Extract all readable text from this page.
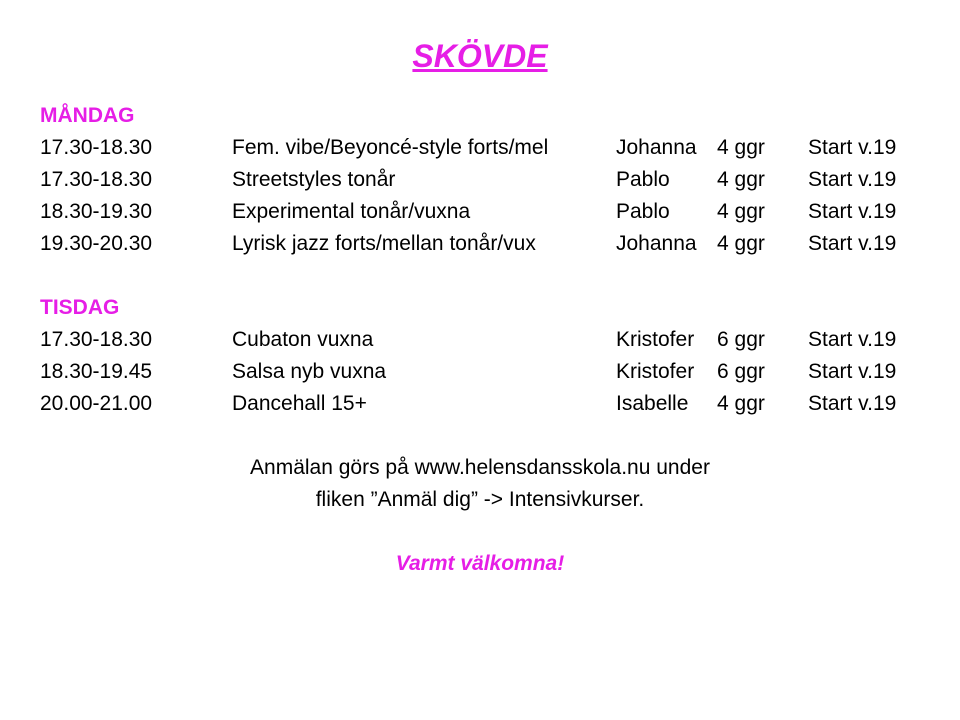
SKÖVDE
MÅNDAG
17.30-18.30	Fem. vibe/Beyoncé-style forts/mel	Johanna 4 ggr Start v.19
17.30-18.30	Streetstyles tonår	Pablo 4 ggr Start v.19
18.30-19.30	Experimental tonår/vuxna	Pablo 4 ggr Start v.19
19.30-20.30	Lyrisk jazz forts/mellan tonår/vux	Johanna 4 ggr Start v.19
TISDAG
17.30-18.30	Cubaton vuxna	Kristofer 6 ggr Start v.19
18.30-19.45	Salsa nyb vuxna	Kristofer 6 ggr Start v.19
20.00-21.00	Dancehall 15+	Isabelle 4 ggr Start v.19
Anmälan görs på www.helensdansskola.nu under
fliken ”Anmäl dig” -> Intensivkurser.
Varmt välkomna!
